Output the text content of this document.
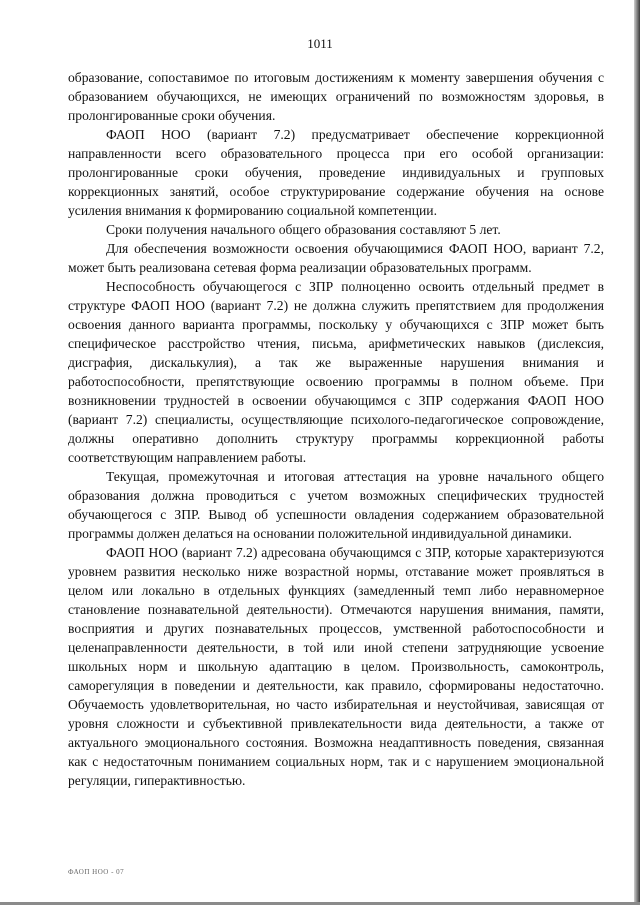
1011

образование, сопоставимое по итоговым достижениям к моменту завершения обучения с образованием обучающихся, не имеющих ограничений по возможностям здоровья, в пролонгированные сроки обучения.

ФАОП НОО (вариант 7.2) предусматривает обеспечение коррекционной направленности всего образовательного процесса при его особой организации: пролонгированные сроки обучения, проведение индивидуальных и групповых коррекционных занятий, особое структурирование содержание обучения на основе усиления внимания к формированию социальной компетенции.

Сроки получения начального общего образования составляют 5 лет.

Для обеспечения возможности освоения обучающимися ФАОП НОО, вариант 7.2, может быть реализована сетевая форма реализации образовательных программ.

Неспособность обучающегося с ЗПР полноценно освоить отдельный предмет в структуре ФАОП НОО (вариант 7.2) не должна служить препятствием для продолжения освоения данного варианта программы, поскольку у обучающихся с ЗПР может быть специфическое расстройство чтения, письма, арифметических навыков (дислексия, дисграфия, дискалькулия), а так же выраженные нарушения внимания и работоспособности, препятствующие освоению программы в полном объеме. При возникновении трудностей в освоении обучающимся с ЗПР содержания ФАОП НОО (вариант 7.2) специалисты, осуществляющие психолого-педагогическое сопровождение, должны оперативно дополнить структуру программы коррекционной работы соответствующим направлением работы.

Текущая, промежуточная и итоговая аттестация на уровне начального общего образования должна проводиться с учетом возможных специфических трудностей обучающегося с ЗПР. Вывод об успешности овладения содержанием образовательной программы должен делаться на основании положительной индивидуальной динамики.

ФАОП НОО (вариант 7.2) адресована обучающимся с ЗПР, которые характеризуются уровнем развития несколько ниже возрастной нормы, отставание может проявляться в целом или локально в отдельных функциях (замедленный темп либо неравномерное становление познавательной деятельности). Отмечаются нарушения внимания, памяти, восприятия и других познавательных процессов, умственной работоспособности и целенаправленности деятельности, в той или иной степени затрудняющие усвоение школьных норм и школьную адаптацию в целом. Произвольность, самоконтроль, саморегуляция в поведении и деятельности, как правило, сформированы недостаточно. Обучаемость удовлетворительная, но часто избирательная и неустойчивая, зависящая от уровня сложности и субъективной привлекательности вида деятельности, а также от актуального эмоционального состояния. Возможна неадаптивность поведения, связанная как с недостаточным пониманием социальных норм, так и с нарушением эмоциональной регуляции, гиперактивностью.

ФАОП НОО - 07
